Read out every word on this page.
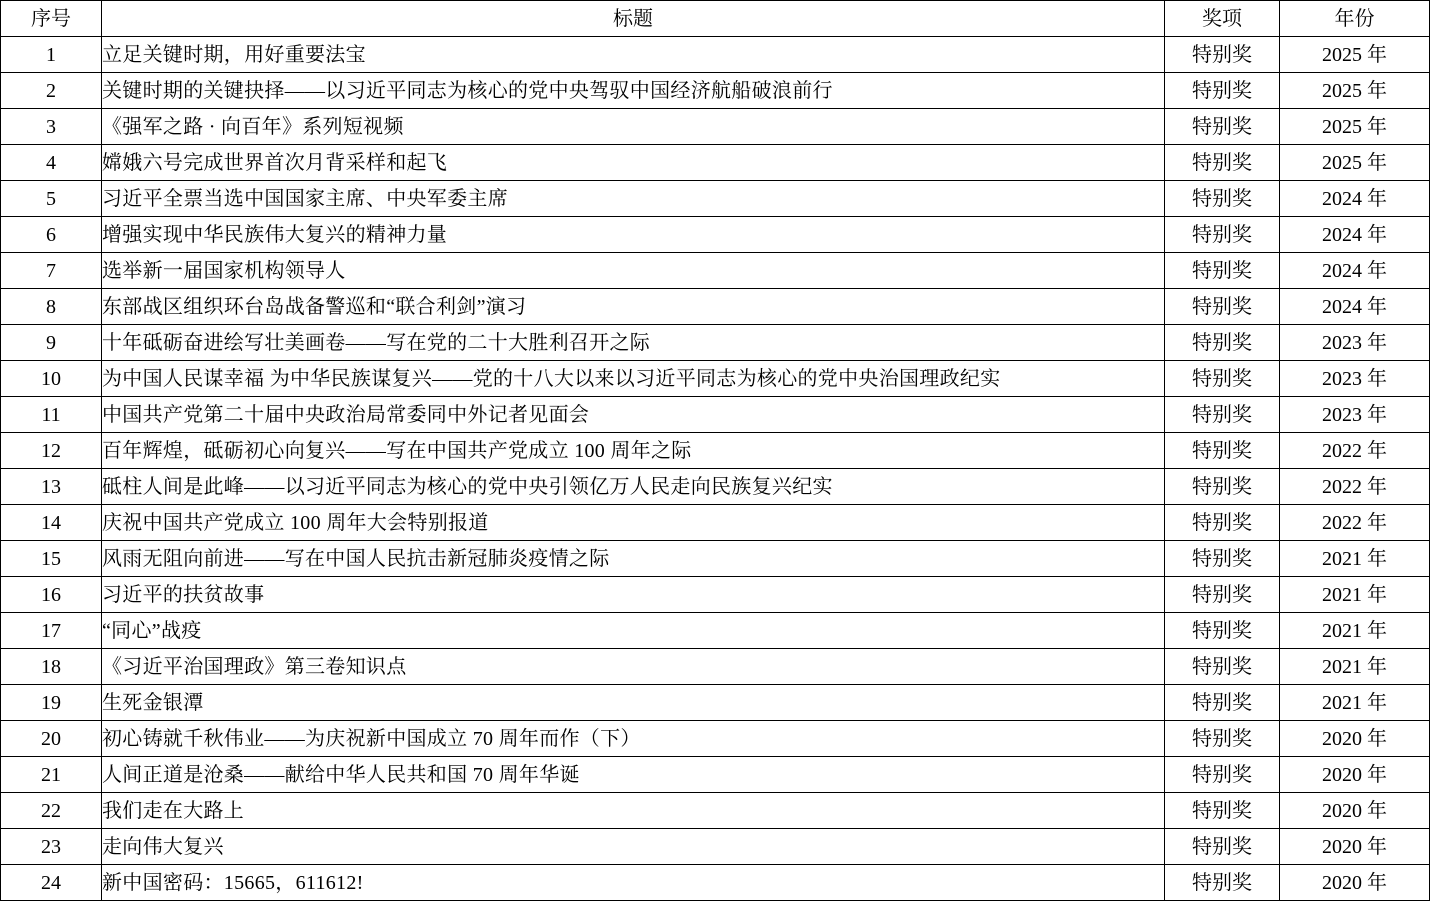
序号	标题	奖项	年份
1	立足关键时期，用好重要法宝	特别奖	2025 年
2	关键时期的关键抉择——以习近平同志为核心的党中央驾驭中国经济航船破浪前行	特别奖	2025 年
3	《强军之路 · 向百年》系列短视频	特别奖	2025 年
4	嫦娥六号完成世界首次月背采样和起飞	特别奖	2025 年
5	习近平全票当选中国国家主席、中央军委主席	特别奖	2024 年
6	增强实现中华民族伟大复兴的精神力量	特别奖	2024 年
7	选举新一届国家机构领导人	特别奖	2024 年
8	东部战区组织环台岛战备警巡和“联合利剑”演习	特别奖	2024 年
9	十年砥砺奋进绘写壮美画卷——写在党的二十大胜利召开之际	特别奖	2023 年
10	为中国人民谋幸福 为中华民族谋复兴——党的十八大以来以习近平同志为核心的党中央治国理政纪实	特别奖	2023 年
11	中国共产党第二十届中央政治局常委同中外记者见面会	特别奖	2023 年
12	百年辉煌，砥砺初心向复兴——写在中国共产党成立 100 周年之际	特别奖	2022 年
13	砥柱人间是此峰——以习近平同志为核心的党中央引领亿万人民走向民族复兴纪实	特别奖	2022 年
14	庆祝中国共产党成立 100 周年大会特别报道	特别奖	2022 年
15	风雨无阻向前进——写在中国人民抗击新冠肺炎疫情之际	特别奖	2021 年
16	习近平的扶贫故事	特别奖	2021 年
17	“同心”战疫	特别奖	2021 年
18	《习近平治国理政》第三卷知识点	特别奖	2021 年
19	生死金银潭	特别奖	2021 年
20	初心铸就千秋伟业——为庆祝新中国成立 70 周年而作（下）	特别奖	2020 年
21	人间正道是沧桑——献给中华人民共和国 70 周年华诞	特别奖	2020 年
22	我们走在大路上	特别奖	2020 年
23	走向伟大复兴	特别奖	2020 年
24	新中国密码：15665，611612!	特别奖	2020 年
